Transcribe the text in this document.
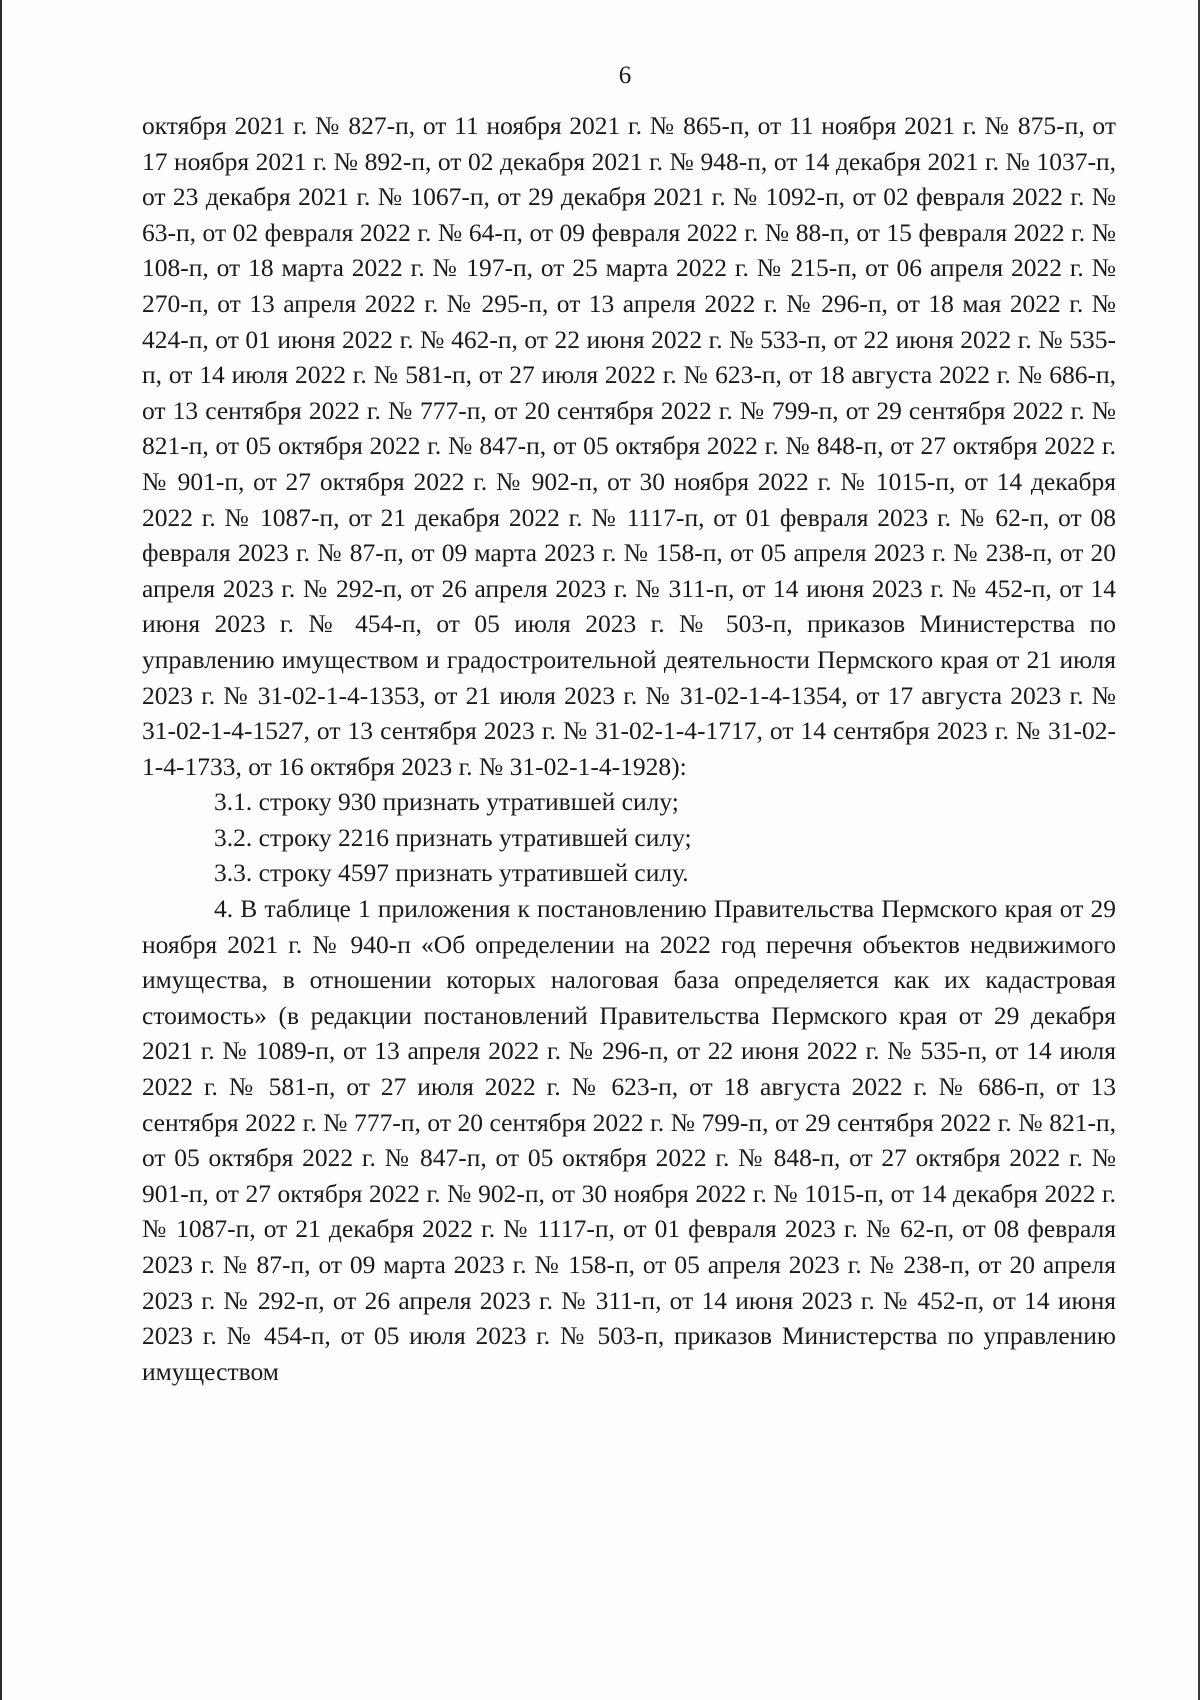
6

октября 2021 г. № 827-п, от 11 ноября 2021 г. № 865-п, от 11 ноября 2021 г. № 875-п, от 17 ноября 2021 г. № 892-п, от 02 декабря 2021 г. № 948-п, от 14 декабря 2021 г. № 1037-п, от 23 декабря 2021 г. № 1067-п, от 29 декабря 2021 г. № 1092-п, от 02 февраля 2022 г. № 63-п, от 02 февраля 2022 г. № 64-п, от 09 февраля 2022 г. № 88-п, от 15 февраля 2022 г. № 108-п, от 18 марта 2022 г. № 197-п, от 25 марта 2022 г. № 215-п, от 06 апреля 2022 г. № 270-п, от 13 апреля 2022 г. № 295-п, от 13 апреля 2022 г. № 296-п, от 18 мая 2022 г. № 424-п, от 01 июня 2022 г. № 462-п, от 22 июня 2022 г. № 533-п, от 22 июня 2022 г. № 535-п, от 14 июля 2022 г. № 581-п, от 27 июля 2022 г. № 623-п, от 18 августа 2022 г. № 686-п, от 13 сентября 2022 г. № 777-п, от 20 сентября 2022 г. № 799-п, от 29 сентября 2022 г. № 821-п, от 05 октября 2022 г. № 847-п, от 05 октября 2022 г. № 848-п, от 27 октября 2022 г. № 901-п, от 27 октября 2022 г. № 902-п, от 30 ноября 2022 г. № 1015-п, от 14 декабря 2022 г. № 1087-п, от 21 декабря 2022 г. № 1117-п, от 01 февраля 2023 г. № 62-п, от 08 февраля 2023 г. № 87-п, от 09 марта 2023 г. № 158-п, от 05 апреля 2023 г. № 238-п, от 20 апреля 2023 г. № 292-п, от 26 апреля 2023 г. № 311-п, от 14 июня 2023 г. № 452-п, от 14 июня 2023 г. № 454-п, от 05 июля 2023 г. № 503-п, приказов Министерства по управлению имуществом и градостроительной деятельности Пермского края от 21 июля 2023 г. № 31-02-1-4-1353, от 21 июля 2023 г. № 31-02-1-4-1354, от 17 августа 2023 г. № 31-02-1-4-1527, от 13 сентября 2023 г. № 31-02-1-4-1717, от 14 сентября 2023 г. № 31-02-1-4-1733, от 16 октября 2023 г. № 31-02-1-4-1928):

3.1. строку 930 признать утратившей силу;

3.2. строку 2216 признать утратившей силу;

3.3. строку 4597 признать утратившей силу.

4. В таблице 1 приложения к постановлению Правительства Пермского края от 29 ноября 2021 г. № 940-п «Об определении на 2022 год перечня объектов недвижимого имущества, в отношении которых налоговая база определяется как их кадастровая стоимость» (в редакции постановлений Правительства Пермского края от 29 декабря 2021 г. № 1089-п, от 13 апреля 2022 г. № 296-п, от 22 июня 2022 г. № 535-п, от 14 июля 2022 г. № 581-п, от 27 июля 2022 г. № 623-п, от 18 августа 2022 г. № 686-п, от 13 сентября 2022 г. № 777-п, от 20 сентября 2022 г. № 799-п, от 29 сентября 2022 г. № 821-п, от 05 октября 2022 г. № 847-п, от 05 октября 2022 г. № 848-п, от 27 октября 2022 г. № 901-п, от 27 октября 2022 г. № 902-п, от 30 ноября 2022 г. № 1015-п, от 14 декабря 2022 г. № 1087-п, от 21 декабря 2022 г. № 1117-п, от 01 февраля 2023 г. № 62-п, от 08 февраля 2023 г. № 87-п, от 09 марта 2023 г. № 158-п, от 05 апреля 2023 г. № 238-п, от 20 апреля 2023 г. № 292-п, от 26 апреля 2023 г. № 311-п, от 14 июня 2023 г. № 452-п, от 14 июня 2023 г. № 454-п, от 05 июля 2023 г. № 503-п, приказов Министерства по управлению имуществом
